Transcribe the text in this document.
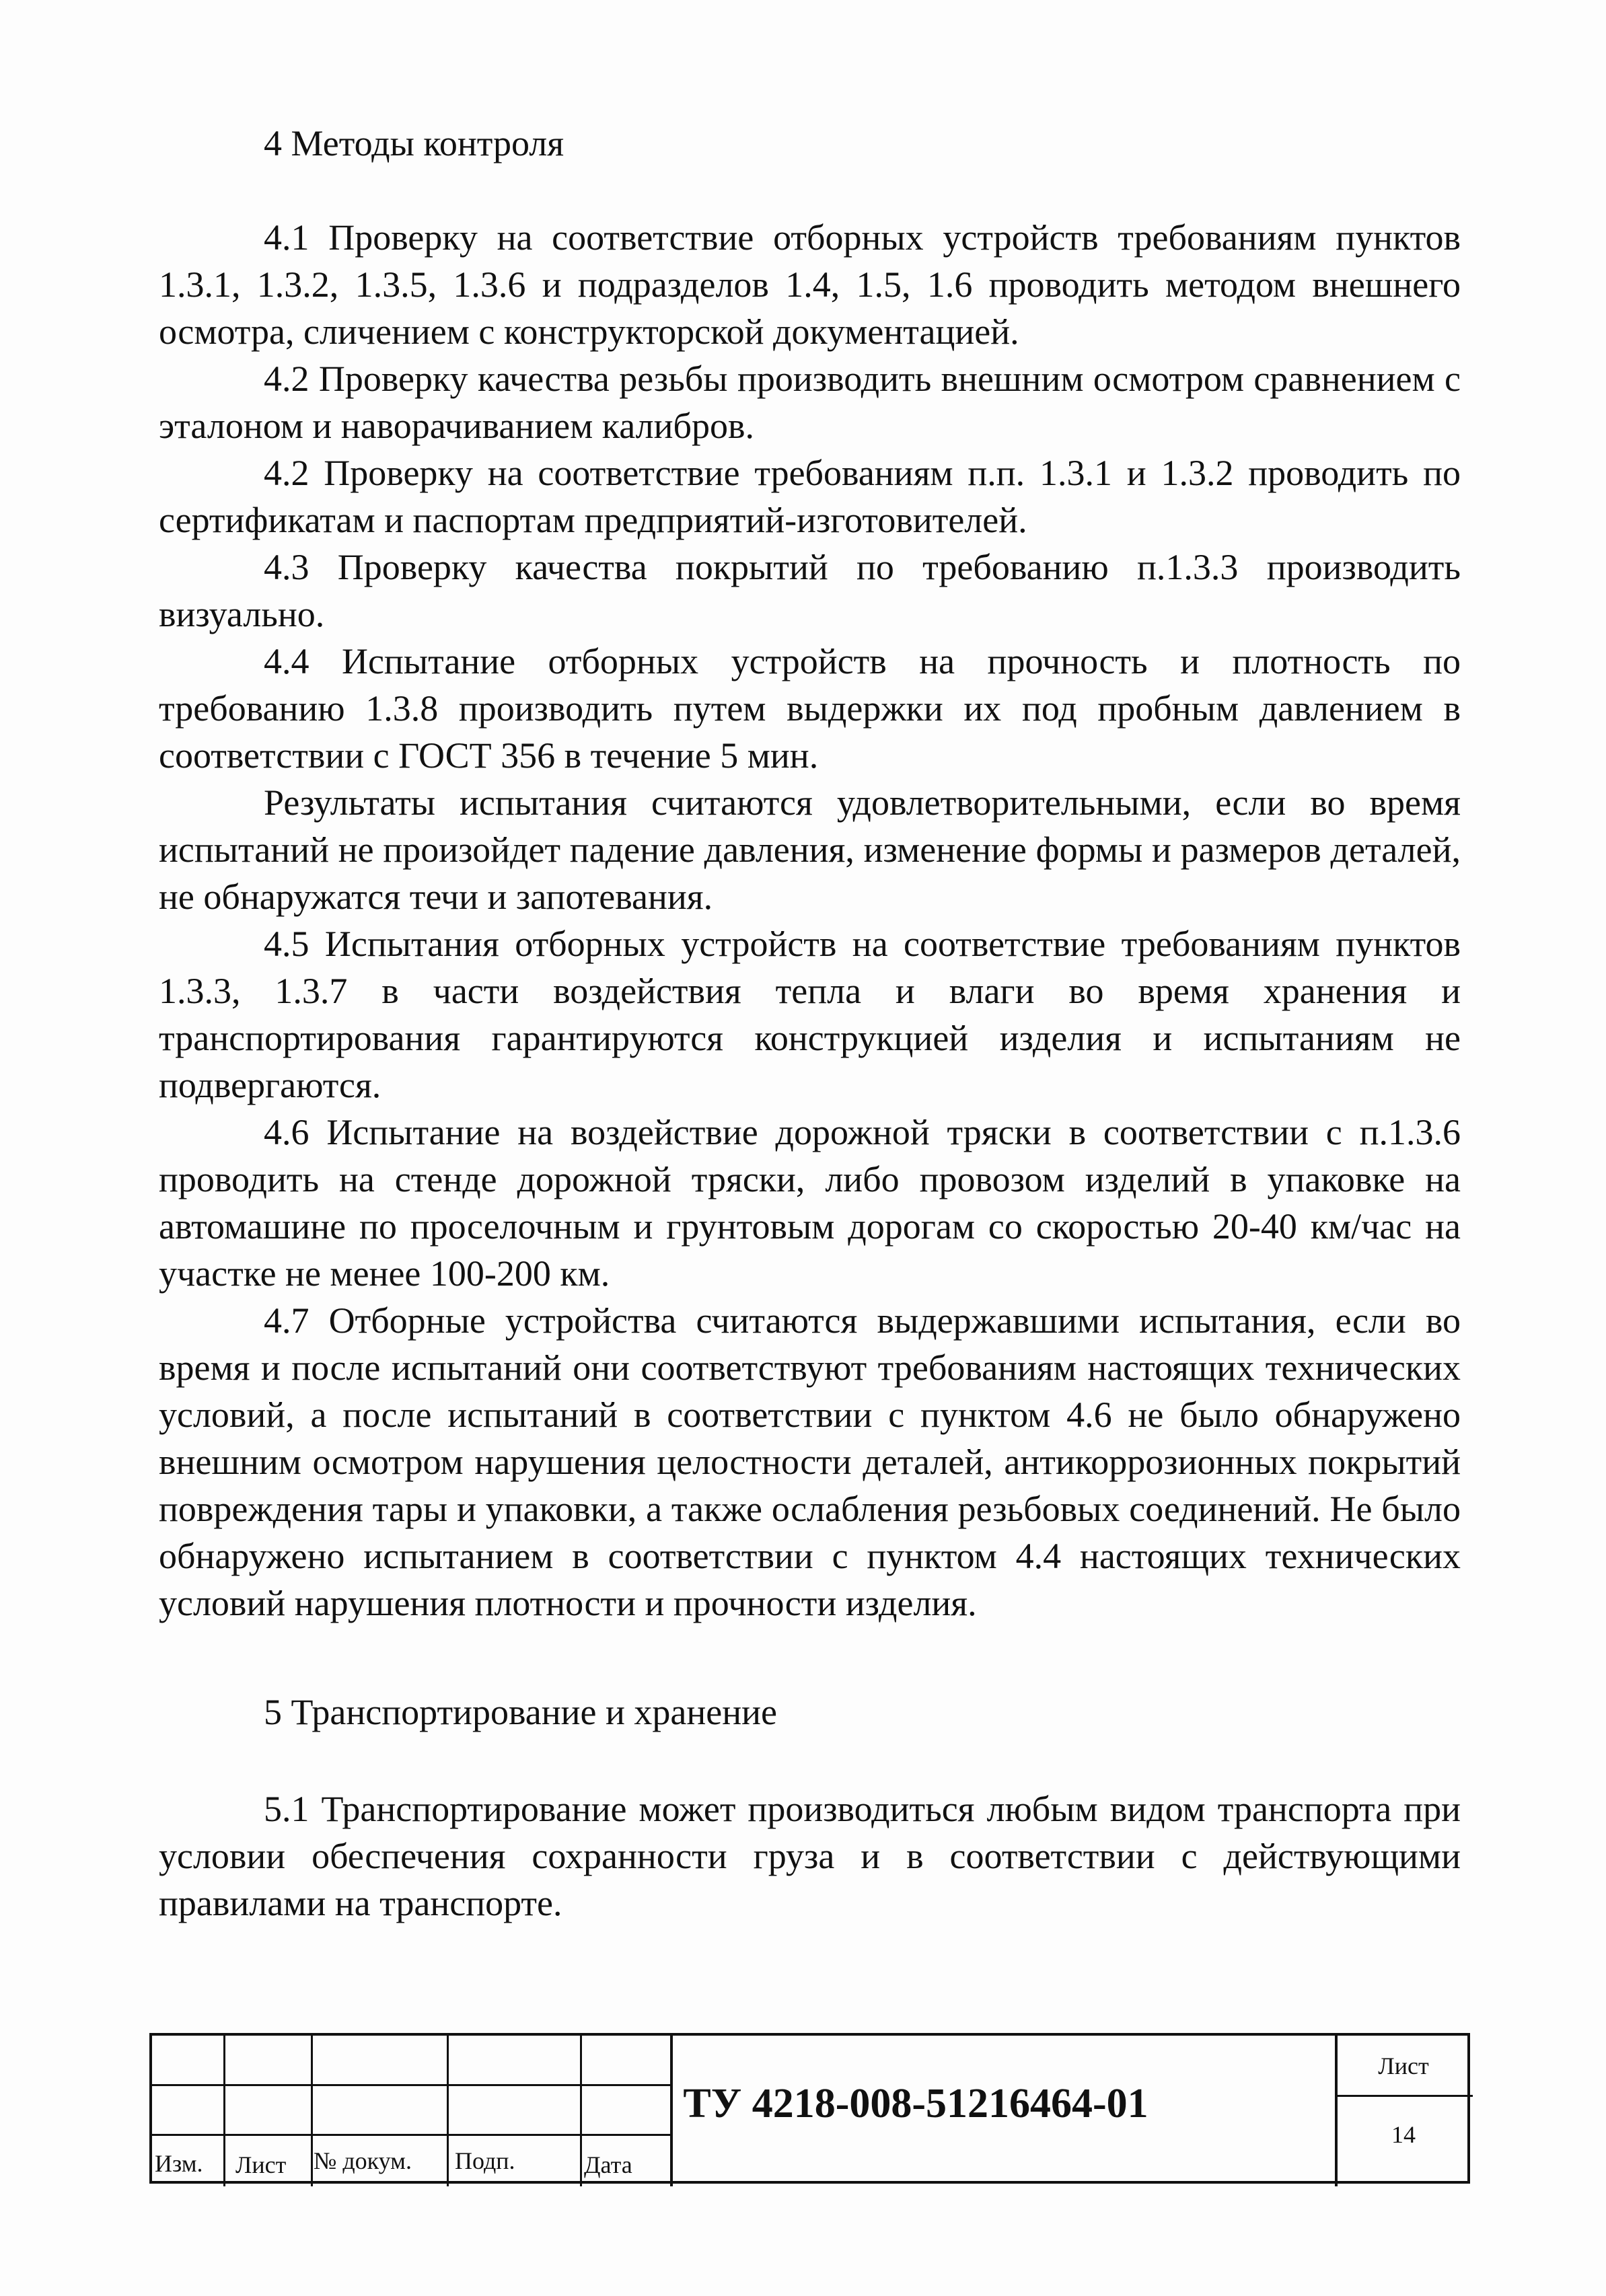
4 Методы контроля

4.1 Проверку на соответствие отборных устройств требованиям пунктов 1.3.1, 1.3.2, 1.3.5, 1.3.6 и подразделов 1.4, 1.5, 1.6 проводить методом внешнего осмотра, сличением с конструкторской документацией.

4.2 Проверку качества резьбы производить внешним осмотром сравнением с эталоном и наворачиванием калибров.

4.2 Проверку на соответствие требованиям п.п. 1.3.1 и 1.3.2 проводить по сертификатам и паспортам предприятий-изготовителей.

4.3 Проверку качества покрытий по требованию п.1.3.3 производить визуально.

4.4 Испытание отборных устройств на прочность и плотность по требованию 1.3.8 производить путем выдержки их под пробным давлением в соответствии с ГОСТ 356 в течение 5 мин.

Результаты испытания считаются удовлетворительными, если во время испытаний не произойдет падение давления, изменение формы и размеров деталей, не обнаружатся течи и запотевания.

4.5 Испытания отборных устройств на соответствие требованиям пунктов 1.3.3, 1.3.7 в части воздействия тепла и влаги во время хранения и транспортирования гарантируются конструкцией изделия и испытаниям не подвергаются.

4.6 Испытание на воздействие дорожной тряски в соответствии с п.1.3.6 проводить на стенде дорожной тряски, либо провозом изделий в упаковке на автомашине по проселочным и грунтовым дорогам со скоростью 20-40 км/час на участке не менее 100-200 км.

4.7 Отборные устройства считаются выдержавшими испытания, если во время и после испытаний они соответствуют требованиям настоящих технических условий, а после испытаний в соответствии с пунктом 4.6 не было обнаружено внешним осмотром нарушения целостности деталей, антикоррозионных покрытий повреждения тары и упаковки, а также ослабления резьбовых соединений. Не было обнаружено испытанием в соответствии с пунктом 4.4 настоящих технических условий нарушения плотности и прочности изделия.

5 Транспортирование и хранение

5.1 Транспортирование может производиться любым видом транспорта при условии обеспечения сохранности груза и в соответствии с действующими правилами на транспорте.

Изм. Лист № докум. Подп.	Дата
ТУ 4218-008-51216464-01
Лист
14
